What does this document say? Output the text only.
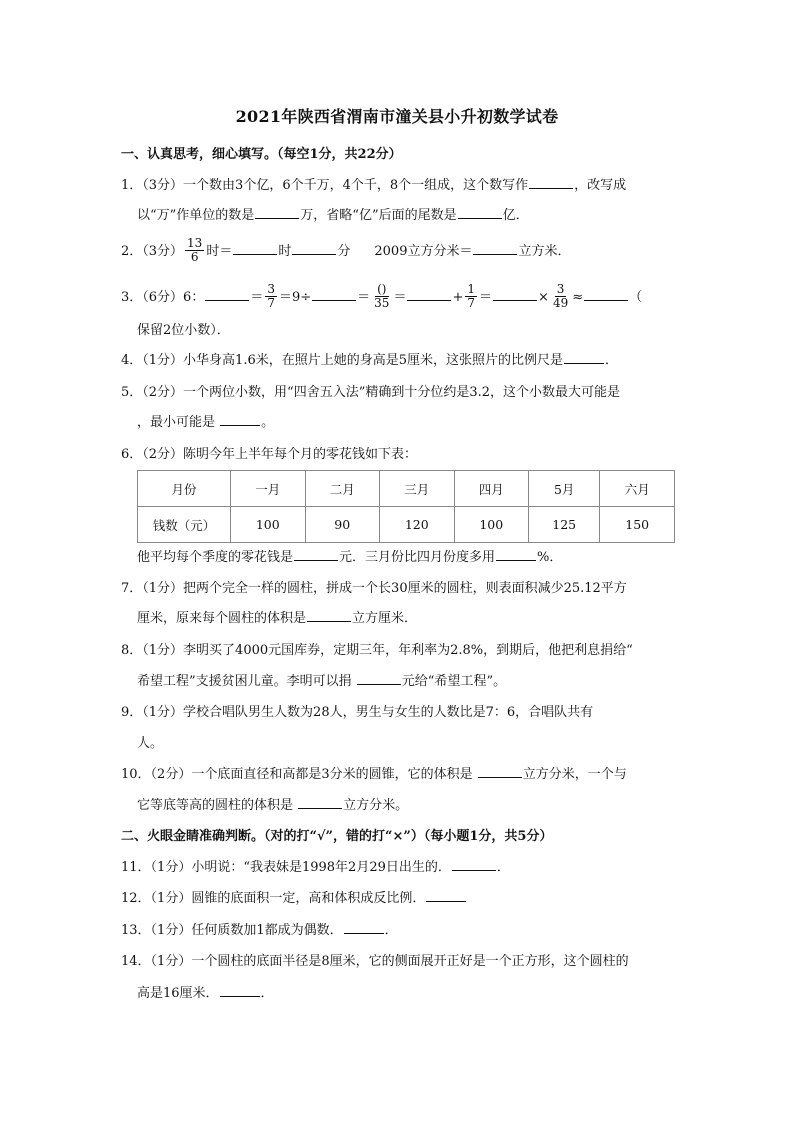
2021年陕西省渭南市潼关县小升初数学试卷
一、认真思考，细心填写。（每空1分，共22分）
1．（3分）一个数由3个亿，6个千万，4个千，8个一组成，这个数写作	，改写成
以“万”作单位的数是	万，省略“亿”后面的尾数是	亿．
2．（3分） $\frac{13}{6}$ 时＝	时	分 2009立方分米＝	立方米．
3．（6分）6：	＝ $\frac{3}{7} =9\div$	＝ $\frac{()}{35}$ ＝	+ $\frac{1}{7}$ ＝	× $\frac{3}{49}$ ≈	（
保留2位小数）．
4．（1分）小华身高1.6米，在照片上她的身高是5厘米，这张照片的比例尺是	．
5．（2分）一个两位小数，用“四舍五入法”精确到十分位约是3.2，这个小数最大可能是
，最小可能是	。
6．（2分）陈明今年上半年每个月的零花钱如下表：
月份	一月	二月	三月	四月	5月	六月
钱数（元）	100	90	120	100	125	150
他平均每个季度的零花钱是	元．三月份比四月份度多用	%．
7．（1分）把两个完全一样的圆柱，拼成一个长30厘米的圆柱，则表面积减少25.12平方
厘米，原来每个圆柱的体积是	立方厘米．
8．（1分）李明买了4000元国库券，定期三年，年利率为2.8%，到期后，他把利息捐给“
希望工程”支援贫困儿童。李明可以捐	元给“希望工程”。
9．（1分）学校合唱队男生人数为28人，男生与女生的人数比是7：6，合唱队共有
人。
10．（2分）一个底面直径和高都是3分米的圆锥，它的体积是	立方分米，一个与
它等底等高的圆柱的体积是	立方分米。
二、火眼金睛准确判断。（对的打“√”，错的打“×”）（每小题1分，共5分）
11．（1分）小明说：“我表妹是1998年2月29日出生的．	．
12．（1分）圆锥的底面积一定，高和体积成反比例．
13．（1分）任何质数加1都成为偶数．	．
14．（1分）一个圆柱的底面半径是8厘米，它的侧面展开正好是一个正方形，这个圆柱的
高是16厘米．	．
